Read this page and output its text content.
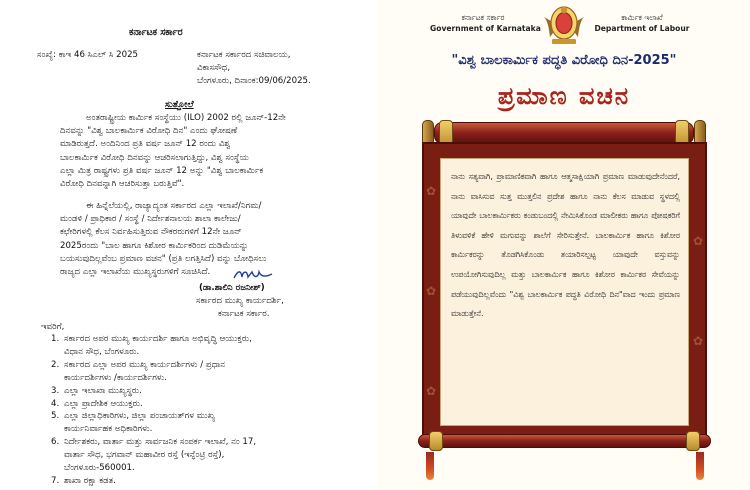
ಕರ್ನಾಟಕ ಸರ್ಕಾರ
ಸಂಖ್ಯೆ: ಕಾಇ 46 ಸಿಎಲ್ ಸಿ 2025	ಕರ್ನಾಟಕ ಸರ್ಕಾರದ ಸಚಿವಾಲಯ,
ವಿಕಾಸಸೌಧ,
ಬೆಂಗಳೂರು, ದಿನಾಂಕ:09/06/2025.
ಸುತ್ತೋಲೆ
ಅಂತರಾಷ್ಟ್ರೀಯ ಕಾರ್ಮಿಕ ಸಂಸ್ಥೆಯು (ILO) 2002 ರಲ್ಲಿ ಜೂನ್-12ನೇ
ದಿನವನ್ನು "ವಿಶ್ವ ಬಾಲಕಾರ್ಮಿಕ ವಿರೋಧಿ ದಿನ" ಎಂದು ಘೋಷಣೆ
ಮಾಡಿರುತ್ತದೆ. ಅಂದಿನಿಂದ ಪ್ರತಿ ವರ್ಷ ಜೂನ್ 12 ರಂದು ವಿಶ್ವ
ಬಾಲಕಾರ್ಮಿಕ ವಿರೋಧಿ ದಿನವನ್ನು ಆಚರಿಸಲಾಗುತ್ತಿದ್ದು, ವಿಶ್ವ ಸಂಸ್ಥೆಯ
ಎಲ್ಲಾ ಮಿತ್ರ ರಾಷ್ಟ್ರಗಳು ಪ್ರತಿ ವರ್ಷ ಜೂನ್ 12 ಅನ್ನು "ವಿಶ್ವ ಬಾಲಕಾರ್ಮಿಕ
ವಿರೋಧಿ ದಿನವನ್ನಾಗಿ ಆಚರಿಸುತ್ತಾ ಬರುತ್ತಿವೆ".
ಈ ಹಿನ್ನೆಲೆಯಲ್ಲಿ, ರಾಜ್ಯಾದ್ಯಂತ ಸರ್ಕಾರದ ಎಲ್ಲಾ ಇಲಾಖೆ/ನಿಗಮ/
ಮಂಡಳಿ / ಪ್ರಾಧಿಕಾರ / ಸಂಸ್ಥೆ / ನಿರ್ದೇಶನಾಲಯ ಶಾಲಾ ಕಾಲೇಜು/
ಕಛೇರಿಗಳಲ್ಲಿ ಕೆಲಸ ನಿರ್ವಹಿಸುತ್ತಿರುವ ನೌಕರರುಗಳಿಗೆ 12ನೇ ಜೂನ್
2025ರಂದು "ಬಾಲ ಹಾಗೂ ಕಿಶೋರ ಕಾರ್ಮಿಕರಿಂದ ದುಡಿಮೆಯನ್ನು
ಬಯಸುವುದಿಲ್ಲವೆಂಬ ಪ್ರಮಾಣ ವಚನ" (ಪ್ರತಿ ಲಗತ್ತಿಸಿದೆ) ವನ್ನು ಬೋಧಿಸಲು
ರಾಜ್ಯದ ಎಲ್ಲಾ ಇಲಾಖೆಯ ಮುಖ್ಯಸ್ಥರುಗಳಿಗೆ ಸೂಚಿಸಿದೆ.
(ಡಾ.ಶಾಲಿನಿ ರಜನೀಶ್)
ಸರ್ಕಾರದ ಮುಖ್ಯ ಕಾರ್ಯದರ್ಶಿ,
ಕರ್ನಾಟಕ ಸರ್ಕಾರ.
ಇವರಿಗೆ,
1. ಸರ್ಕಾರದ ಅಪರ ಮುಖ್ಯ ಕಾರ್ಯದರ್ಶಿ ಹಾಗೂ ಅಭಿವೃದ್ಧಿ ಆಯುಕ್ತರು,
ವಿಧಾನ ಸೌಧ, ಬೆಂಗಳೂರು.
2. ಸರ್ಕಾರದ ಎಲ್ಲಾ ಅಪರ ಮುಖ್ಯ ಕಾರ್ಯದರ್ಶಿಗಳು / ಪ್ರಧಾನ
ಕಾರ್ಯದರ್ಶಿಗಳು /ಕಾರ್ಯದರ್ಶಿಗಳು.
3. ಎಲ್ಲಾ ಇಲಾಖಾ ಮುಖ್ಯಸ್ಥರು.
4. ಎಲ್ಲಾ ಪ್ರಾದೇಶಿಕ ಆಯುಕ್ತರು.
5. ಎಲ್ಲಾ ಜಿಲ್ಲಾಧಿಕಾರಿಗಳು, ಜಿಲ್ಲಾ ಪಂಚಾಯತ್‌ಗಳ ಮುಖ್ಯ
ಕಾರ್ಯನಿರ್ವಾಹಕ ಅಧಿಕಾರಿಗಳು.
6. ನಿರ್ದೇಶಕರು, ವಾರ್ತಾ ಮತ್ತು ಸಾರ್ವಜನಿಕ ಸಂಪರ್ಕ ಇಲಾಖೆ, ನಂ 17,
ವಾರ್ತಾ ಸೌಧ, ಭಗವಾನ್ ಮಹಾವೀರ ರಸ್ತೆ (ಇನ್ಫೆಂಟ್ರಿ ರಸ್ತೆ),
ಬೆಂಗಳೂರು-560001.
7. ಶಾಖಾ ರಕ್ಷಾ ಕಡತ.
ಕರ್ನಾಟಕ ಸರ್ಕಾರ
Government of Karnataka
ಕಾರ್ಮಿಕ ಇಲಾಖೆ
Department of Labour
"ವಿಶ್ವ ಬಾಲಕಾರ್ಮಿಕ ಪದ್ಧತಿ ವಿರೋಧಿ ದಿನ-2025"
ಪ್ರಮಾಣ ವಚನ
✿
✿
✿
✿
✿
ನಾನು ಸತ್ಯವಾಗಿ, ಪ್ರಾಮಾಣಿಕವಾಗಿ ಹಾಗೂ ಆತ್ಮಸಾಕ್ಷಿಯಾಗಿ ಪ್ರಮಾಣ ಮಾಡುವುದೇನೆಂದರೆ, ನಾನು ವಾಸಿಸುವ ಸುತ್ತ ಮುತ್ತಲಿನ ಪ್ರದೇಶ ಹಾಗೂ ನಾನು ಕೆಲಸ ಮಾಡುವ ಸ್ಥಳದಲ್ಲಿ ಯಾವುದೇ ಬಾಲಕಾರ್ಮಿಕರು ಕಂಡುಬಂದಲ್ಲಿ ನೇಮಿಸಿಕೊಂಡ ಮಾಲೀಕರು ಹಾಗೂ ಪೋಷಕರಿಗೆ ತಿಳುವಳಿಕೆ ಹೇಳಿ ಮಗುವನ್ನು ಶಾಲೆಗೆ ಸೇರಿಸುತ್ತೇನೆ. ಬಾಲಕಾರ್ಮಿಕ ಹಾಗೂ ಕಿಶೋರ ಕಾರ್ಮಿಕರನ್ನು ತೊಡಗಿಸಿಕೊಂಡು ತಯಾರಿಸಲ್ಪಟ್ಟ ಯಾವುದೇ ವಸ್ತುವನ್ನು ಉಪಯೋಗಿಸುವುದಿಲ್ಲ ಮತ್ತು ಬಾಲಕಾರ್ಮಿಕ ಹಾಗೂ ಕಿಶೋರ ಕಾರ್ಮಿಕರ ಸೇವೆಯನ್ನು ಪಡೆಯುವುದಿಲ್ಲವೆಂದು "ವಿಶ್ವ ಬಾಲಕಾರ್ಮಿಕ ಪದ್ಧತಿ ವಿರೋಧಿ ದಿನ"ವಾದ ಇಂದು ಪ್ರಮಾಣ ಮಾಡುತ್ತೇನೆ.
